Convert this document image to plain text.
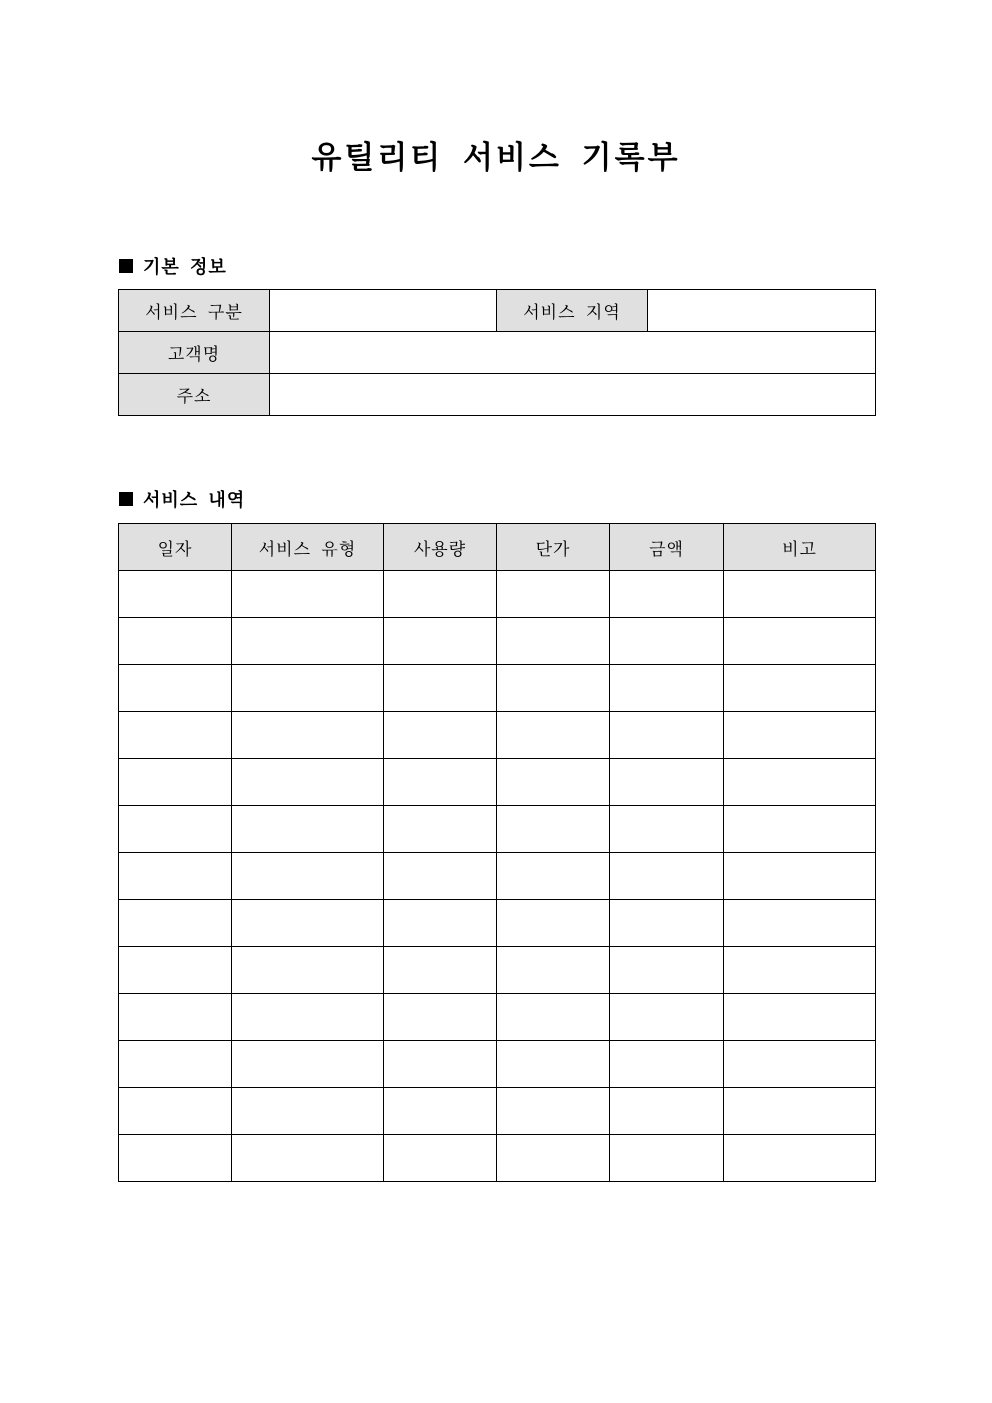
유틸리티 서비스 기록부
기본 정보
서비스 구분		서비스 지역	
고객명			
주소			
서비스 내역
일자	서비스 유형	사용량	단가	금액	비고
